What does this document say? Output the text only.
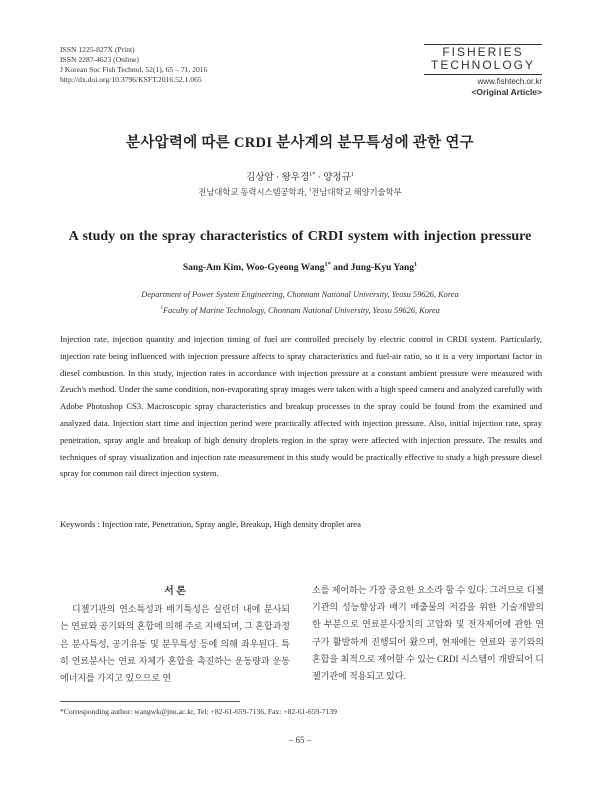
ISSN 1225-827X (Print)
ISSN 2287-4623 (Online)
J Korean Soc Fish Technol, 52(1), 65 – 71, 2016
http://dx.doi.org/10.3796/KSFT.2016.52.1.065
FISHERIES
TECHNOLOGY
www.fishtech.or.kr
<Original Article>
분사압력에 따른 CRDI 분사계의 분무특성에 관한 연구
김상암 · 왕우경$^{1*}$ · 양정규$^1$
전남대학교 동력시스템공학과, $^1$전남대학교 해양기술학부
A study on the spray characteristics of CRDI system with injection pressure
Sang-Am Kim, Woo-Gyeong Wang$^{1*}$ and Jung-Kyu Yang$^1$
Department of Power System Engineering, Chonnam National University, Yeosu 59626, Korea
$^1$Faculty of Marine Technology, Chonnam National University, Yeosu 59626, Korea
Injection rate, injection quantity and injection timing of fuel are controlled precisely by electric control in CRDI system. Particularly, injection rate being influenced with injection pressure affects to spray characteristics and fuel-air ratio, so it is a very important factor in diesel combustion. In this study, injection rates in accordance with injection pressure at a constant ambient pressure were measured with Zeuch's method. Under the same condition, non-evaporating spray images were taken with a high speed camera and analyzed carefully with Adobe Photoshop CS3. Macroscopic spray characteristics and breakup processes in the spray could be found from the examined and analyzed data. Injection start time and injection period were practically affected with injection pressure. Also, initial injection rate, spray penetration, spray angle and breakup of high density droplets region in the spray were affected with injection pressure. The results and techniques of spray visualization and injection rate measurement in this study would be practically effective to study a high pressure diesel spray for common rail direct injection system.
Keywords : Injection rate, Penetration, Spray angle, Breakup, High density droplet area
서 론
디젤기관의 연소특성과 배기특성은 실린더 내에 분사되는 연료와 공기와의 혼합에 의해 주로 지배되며, 그 혼합과정은 분사특성, 공기유동 및 분무특성 등에 의해 좌우된다. 특히 연료분사는 연료 자체가 혼합을 촉진하는 운동량과 운동에너지를 가지고 있으므로 연
소를 제어하는 가장 중요한 요소라 할 수 있다. 그러므로 디젤기관의 성능향상과 배기 배출물의 저감을 위한 기술개발의 한 부분으로 연료분사장치의 고압화 및 전자제어에 관한 연구가 활발하게 진행되어 왔으며, 현재에는 연료와 공기와의 혼합을 최적으로 제어할 수 있는 CRDI 시스템이 개발되어 디젤기관에 적용되고 있다.
*Corresponding author: wangwk@jnu.ac.kr, Tel: +82-61-659-7136, Fax: +82-61-659-7139
– 65 –
